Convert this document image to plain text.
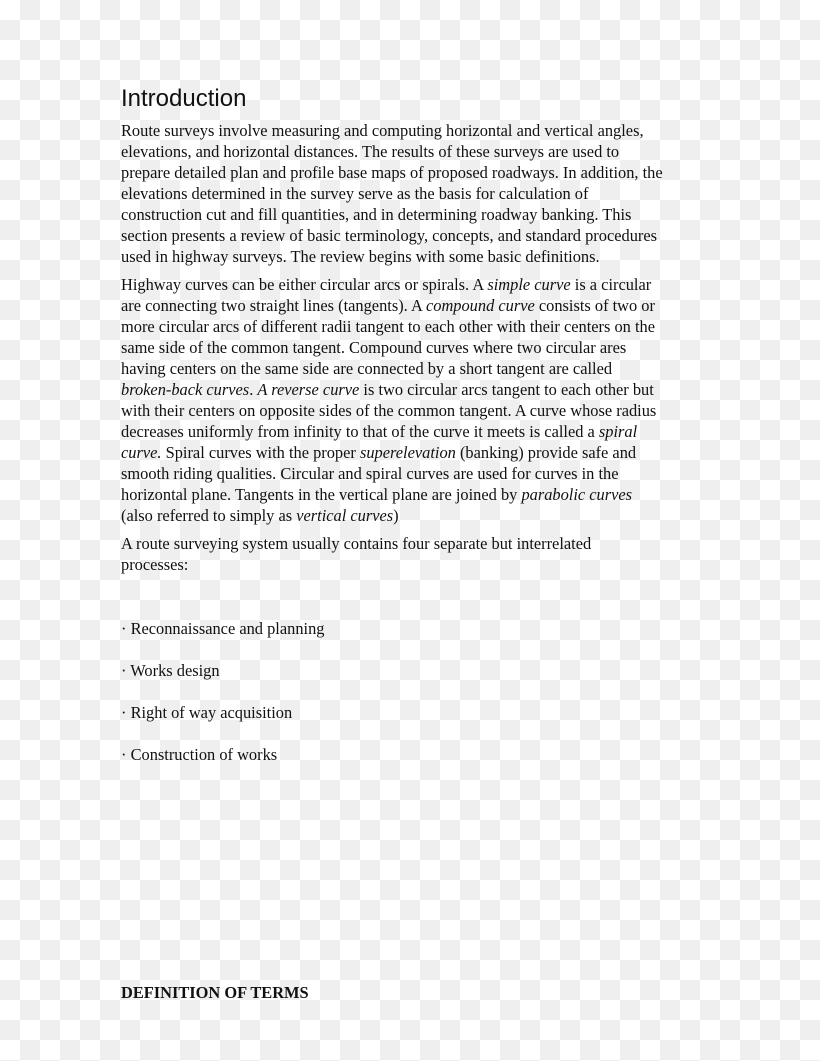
Introduction

Route surveys involve measuring and computing horizontal and vertical angles,
elevations, and horizontal distances. The results of these surveys are used to
prepare detailed plan and profile base maps of proposed roadways. In addition, the
elevations determined in the survey serve as the basis for calculation of
construction cut and fill quantities, and in determining roadway banking. This
section presents a review of basic terminology, concepts, and standard procedures
used in highway surveys. The review begins with some basic definitions.

Highway curves can be either circular arcs or spirals. A simple curve is a circular
are connecting two straight lines (tangents). A compound curve consists of two or
more circular arcs of different radii tangent to each other with their centers on the
same side of the common tangent. Compound curves where two circular ares
having centers on the same side are connected by a short tangent are called
broken-back curves. A reverse curve is two circular arcs tangent to each other but
with their centers on opposite sides of the common tangent. A curve whose radius
decreases uniformly from infinity to that of the curve it meets is called a spiral
curve. Spiral curves with the proper superelevation (banking) provide safe and
smooth riding qualities. Circular and spiral curves are used for curves in the
horizontal plane. Tangents in the vertical plane are joined by parabolic curves
(also referred to simply as vertical curves)

A route surveying system usually contains four separate but interrelated
processes:

· Reconnaissance and planning
· Works design
· Right of way acquisition
· Construction of works
DEFINITION OF TERMS
